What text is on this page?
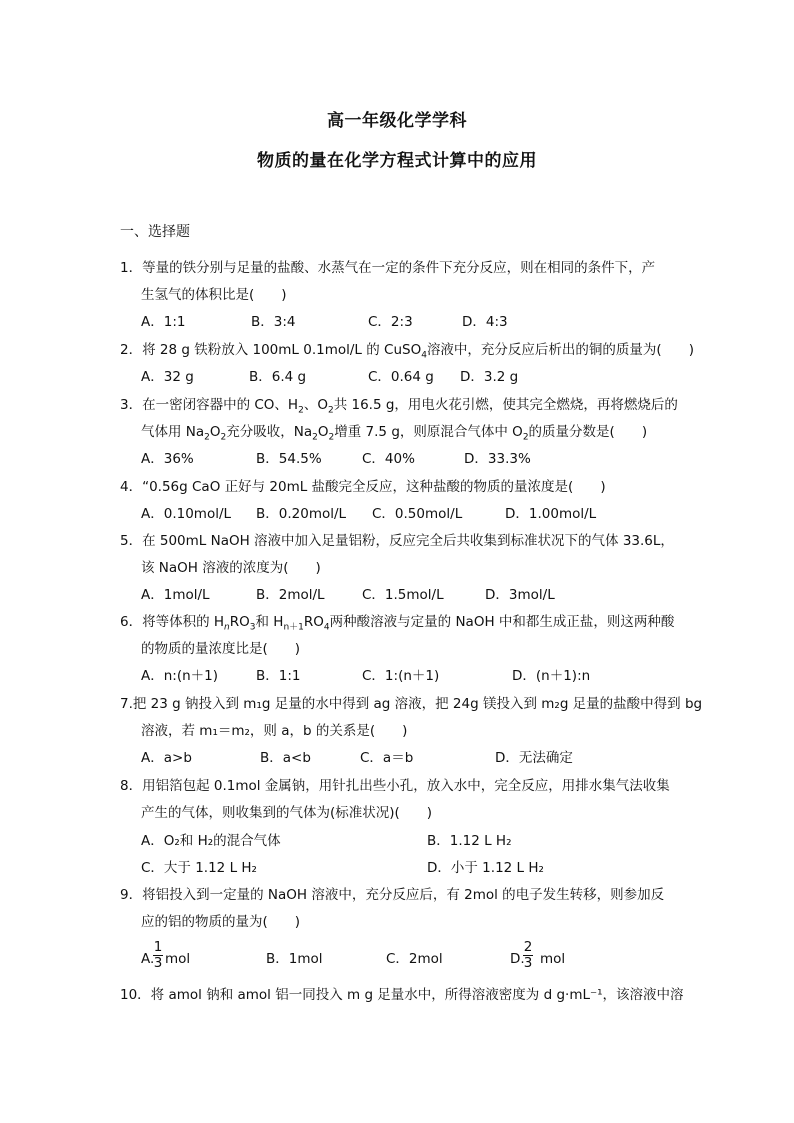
高一年级化学学科
物质的量在化学方程式计算中的应用
一、选择题
1．等量的铁分别与足量的盐酸、水蒸气在一定的条件下充分反应，则在相同的条件下，产
生氢气的体积比是(　　)
A．1:1	B．3:4	C．2:3	D．4:3
2．将 28 g 铁粉放入 100mL 0.1mol/L 的 CuSO$_4$溶液中，充分反应后析出的铜的质量为(　　)
A．32 g	B．6.4 g	C．0.64 g D．3.2 g
3．在一密闭容器中的 CO、$H_2$、$O_2$共 16.5 g，用电火花引燃，使其完全燃烧，再将燃烧后的
气体用 $Na_2O_2$充分吸收，$Na_2O_2$增重 7.5 g，则原混合气体中 $O_2$的质量分数是(　　)
A．36%	B．54.5%	C．40%	D．33.3%
4．“0.56g CaO 正好与 20mL 盐酸完全反应，这种盐酸的物质的量浓度是(　　)
A．0.10mol/L B．0.20mol/L C．0.50mol/L	D．1.00mol/L
5．在 500mL NaOH 溶液中加入足量铝粉，反应完全后共收集到标准状况下的气体 33.6L，
该 NaOH 溶液的浓度为(　　)
A．1mol/L	B．2mol/L	C．1.5mol/L	D．3mol/L
6．将等体积的 $H_nRO_3$和 $H_{n+1}RO_4$两种酸溶液与定量的 NaOH 中和都生成正盐，则这两种酸
的物质的量浓度比是(　　)
A．n:(n＋1)	B．1:1	C．1:(n＋1)	D．(n＋1):n
7.把 23 g 钠投入到 m₁g 足量的水中得到 ag 溶液，把 24g 镁投入到 m₂g 足量的盐酸中得到 bg
溶液，若 m₁＝m₂，则 a，b 的关系是(　　)
A．a>b	B．a<b	C．a＝b	D．无法确定
8．用铝箔包起 0.1mol 金属钠，用针扎出些小孔，放入水中，完全反应，用排水集气法收集
产生的气体，则收集到的气体为(标准状况)(　　)
A．O₂和 H₂的混合气体	B．1.12 L H₂
C．大于 1.12 L H₂	D．小于 1.12 L H₂
9．将铝投入到一定量的 NaOH 溶液中，充分反应后，有 2mol 的电子发生转移，则参加反
应的铝的物质的量为(　　)
A.
1
3 mol	B．1mol	C．2mol	D.
2
3 mol
10．将 amol 钠和 amol 铝一同投入 m g 足量水中，所得溶液密度为 d g·mL⁻¹，该溶液中溶
